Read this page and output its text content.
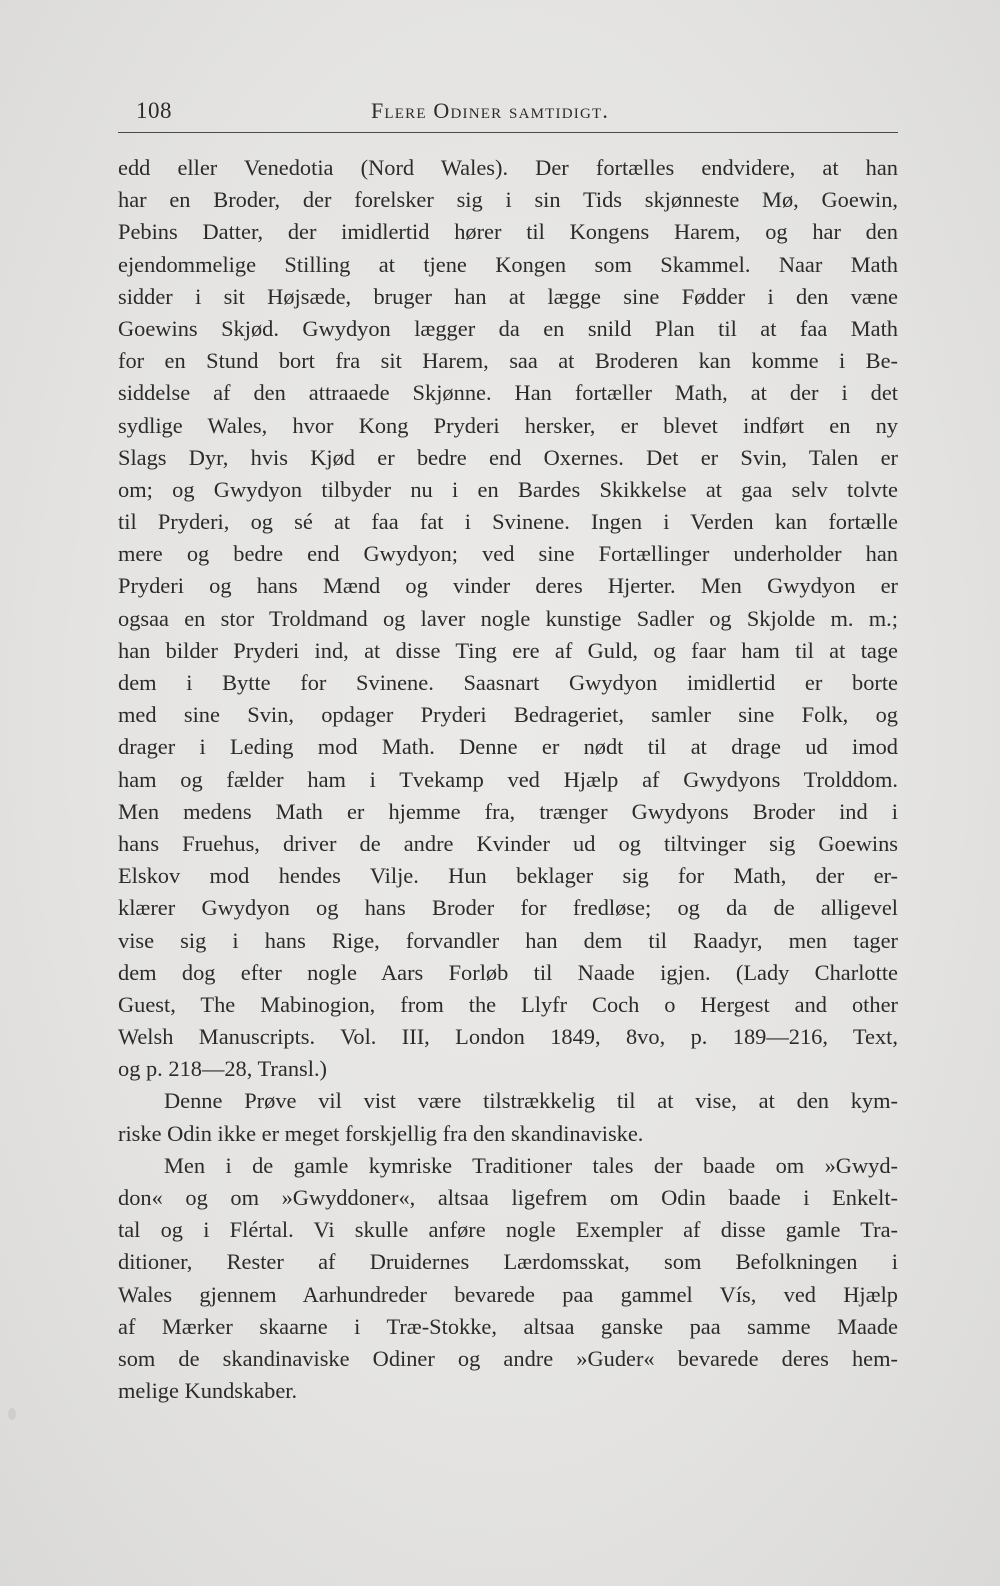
108	Flere Odiner samtidigt.
edd eller Venedotia (Nord Wales). Der fortælles endvidere, at han
har en Broder, der forelsker sig i sin Tids skjønneste Mø, Goewin,
Pebins Datter, der imidlertid hører til Kongens Harem, og har den
ejendommelige Stilling at tjene Kongen som Skammel. Naar Math
sidder i sit Højsæde, bruger han at lægge sine Fødder i den væne
Goewins Skjød. Gwydyon lægger da en snild Plan til at faa Math
for en Stund bort fra sit Harem, saa at Broderen kan komme i Be-
siddelse af den attraaede Skjønne. Han fortæller Math, at der i det
sydlige Wales, hvor Kong Pryderi hersker, er blevet indført en ny
Slags Dyr, hvis Kjød er bedre end Oxernes. Det er Svin, Talen er
om; og Gwydyon tilbyder nu i en Bardes Skikkelse at gaa selv tolvte
til Pryderi, og sé at faa fat i Svinene. Ingen i Verden kan fortælle
mere og bedre end Gwydyon; ved sine Fortællinger underholder han
Pryderi og hans Mænd og vinder deres Hjerter. Men Gwydyon er
ogsaa en stor Troldmand og laver nogle kunstige Sadler og Skjolde m. m.;
han bilder Pryderi ind, at disse Ting ere af Guld, og faar ham til at tage
dem i Bytte for Svinene. Saasnart Gwydyon imidlertid er borte
med sine Svin, opdager Pryderi Bedrageriet, samler sine Folk, og
drager i Leding mod Math. Denne er nødt til at drage ud imod
ham og fælder ham i Tvekamp ved Hjælp af Gwydyons Trolddom.
Men medens Math er hjemme fra, trænger Gwydyons Broder ind i
hans Fruehus, driver de andre Kvinder ud og tiltvinger sig Goewins
Elskov mod hendes Vilje. Hun beklager sig for Math, der er-
klærer Gwydyon og hans Broder for fredløse; og da de alligevel
vise sig i hans Rige, forvandler han dem til Raadyr, men tager
dem dog efter nogle Aars Forløb til Naade igjen. (Lady Charlotte
Guest, The Mabinogion, from the Llyfr Coch o Hergest and other
Welsh Manuscripts. Vol. III, London 1849, 8vo, p. 189—216, Text,
og p. 218—28, Transl.)
Denne Prøve vil vist være tilstrækkelig til at vise, at den kym-
riske Odin ikke er meget forskjellig fra den skandinaviske.
Men i de gamle kymriske Traditioner tales der baade om »Gwyd-
don« og om »Gwyddoner«, altsaa ligefrem om Odin baade i Enkelt-
tal og i Flértal. Vi skulle anføre nogle Exempler af disse gamle Tra-
ditioner, Rester af Druidernes Lærdomsskat, som Befolkningen i
Wales gjennem Aarhundreder bevarede paa gammel Vís, ved Hjælp
af Mærker skaarne i Træ-Stokke, altsaa ganske paa samme Maade
som de skandinaviske Odiner og andre »Guder« bevarede deres hem-
melige Kundskaber.
